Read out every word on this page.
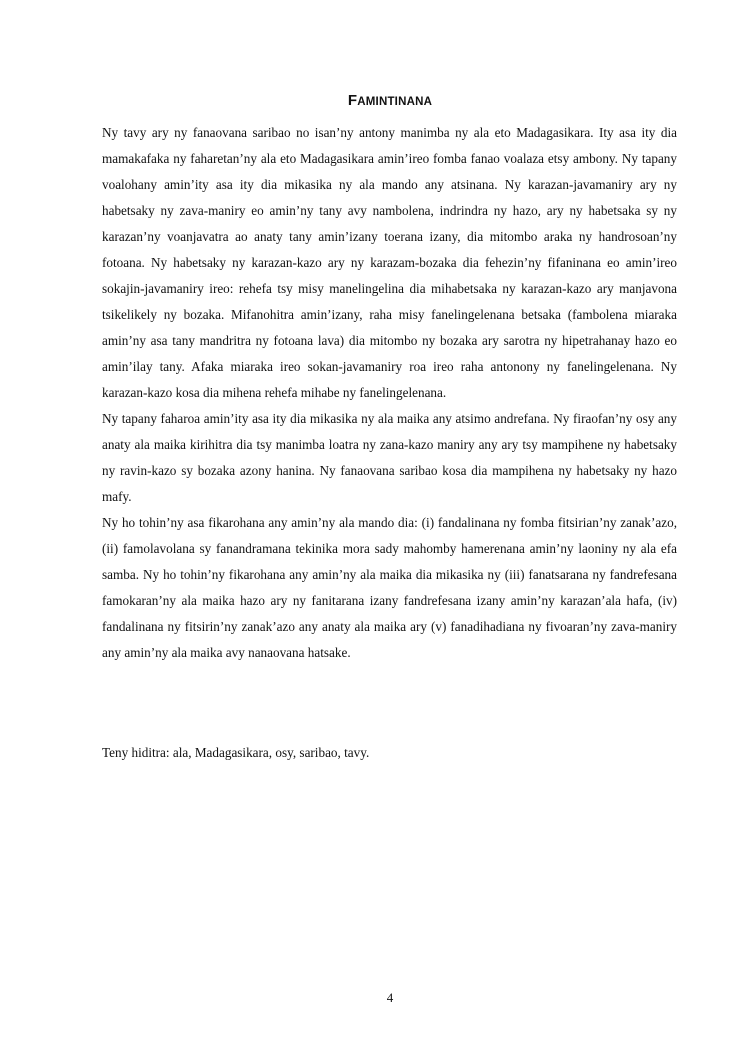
FAMINTINANA

Ny tavy ary ny fanaovana saribao no isan’ny antony manimba ny ala eto Madagasikara. Ity asa ity dia mamakafaka ny faharetan’ny ala eto Madagasikara amin’ireo fomba fanao voalaza etsy ambony. Ny tapany voalohany amin’ity asa ity dia mikasika ny ala mando any atsinana. Ny karazan-javamaniry ary ny habetsaky ny zava-maniry eo amin’ny tany avy nambolena, indrindra ny hazo, ary ny habetsaka sy ny karazan’ny voanjavatra ao anaty tany amin’izany toerana izany, dia mitombo araka ny handrosoan’ny fotoana. Ny habetsaky ny karazan-kazo ary ny karazam-bozaka dia fehezin’ny fifaninana eo amin’ireo sokajin-javamaniry ireo: rehefa tsy misy manelingelina dia mihabetsaka ny karazan-kazo ary manjavona tsikelikely ny bozaka. Mifanohitra amin’izany, raha misy fanelingelenana betsaka (fambolena miaraka amin’ny asa tany mandritra ny fotoana lava) dia mitombo ny bozaka ary sarotra ny hipetrahanay hazo eo amin’ilay tany. Afaka miaraka ireo sokan-javamaniry roa ireo raha antonony ny fanelingelenana. Ny karazan-kazo kosa dia mihena rehefa mihabe ny fanelingelenana.

Ny tapany faharoa amin’ity asa ity dia mikasika ny ala maika any atsimo andrefana. Ny firaofan’ny osy any anaty ala maika kirihitra dia tsy manimba loatra ny zana-kazo maniry any ary tsy mampihene ny habetsaky ny ravin-kazo sy bozaka azony hanina. Ny fanaovana saribao kosa dia mampihena ny habetsaky ny hazo mafy.

Ny ho tohin’ny asa fikarohana any amin’ny ala mando dia: (i) fandalinana ny fomba fitsirian’ny zanak’azo, (ii) famolavolana sy fanandramana tekinika mora sady mahomby hamerenana amin’ny laoniny ny ala efa samba. Ny ho tohin’ny fikarohana any amin’ny ala maika dia mikasika ny (iii) fanatsarana ny fandrefesana famokaran’ny ala maika hazo ary ny fanitarana izany fandrefesana izany amin’ny karazan’ala hafa, (iv) fandalinana ny fitsirin’ny zanak’azo any anaty ala maika ary (v) fanadihadiana ny fivoaran’ny zava-maniry any amin’ny ala maika avy nanaovana hatsake.

Teny hiditra: ala, Madagasikara, osy, saribao, tavy.
4
